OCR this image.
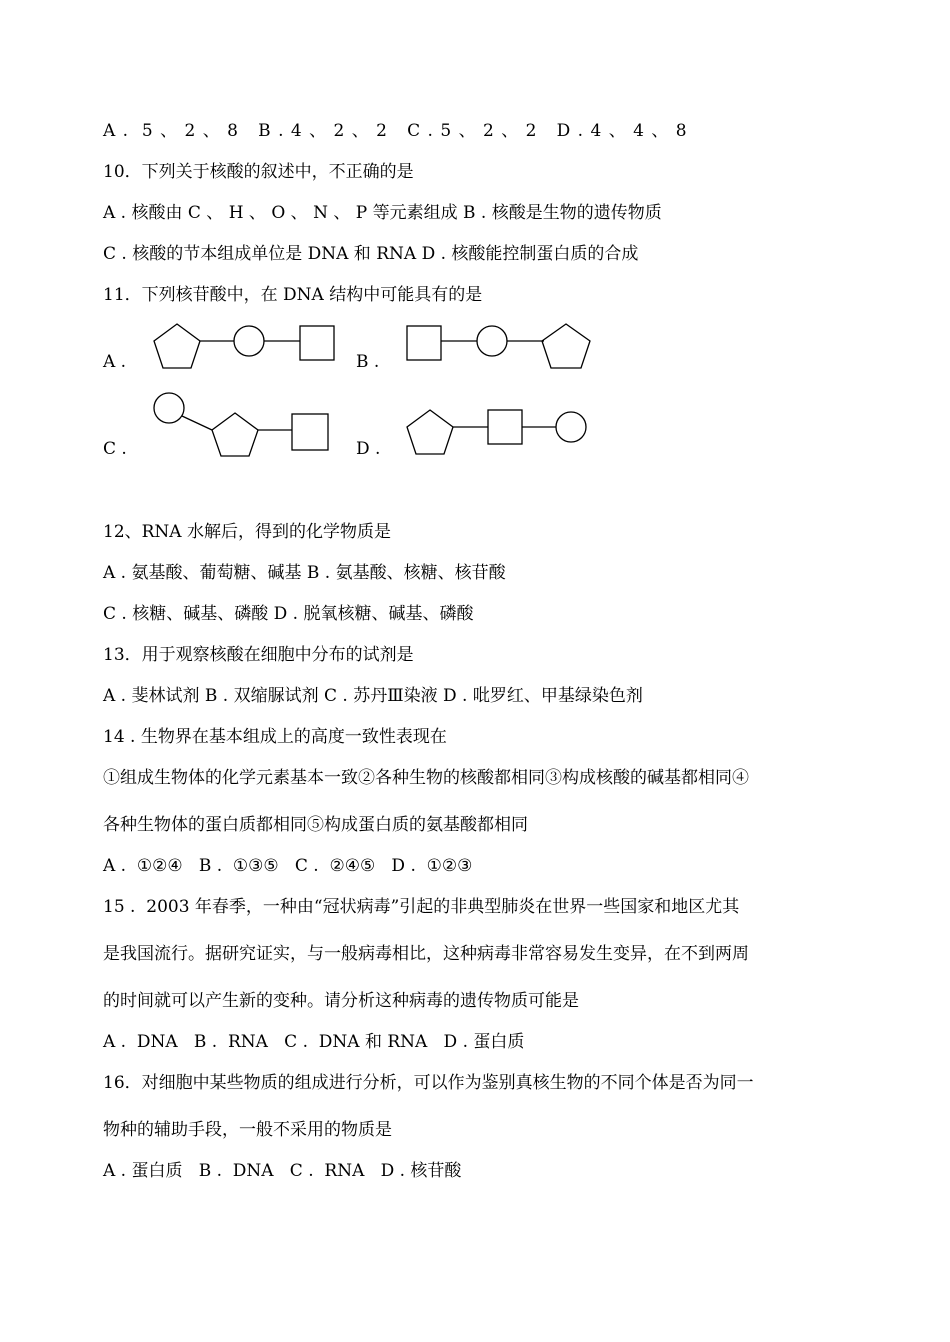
A .  5 、 2 、 8   B . 4 、 2 、 2   C . 5 、 2 、 2   D . 4 、 4 、 8
10．下列关于核酸的叙述中，不正确的是
A . 核酸由 C 、 H 、 O 、 N 、 P 等元素组成 B . 核酸是生物的遗传物质
C . 核酸的节本组成单位是 DNA 和 RNA D . 核酸能控制蛋白质的合成
11．下列核苷酸中，在 DNA 结构中可能具有的是
A .	B .
C .	D .
12、RNA 水解后，得到的化学物质是
A . 氨基酸、葡萄糖、碱基 B . 氨基酸、核糖、核苷酸
C . 核糖、碱基、磷酸 D . 脱氧核糖、碱基、磷酸
13．用于观察核酸在细胞中分布的试剂是
A . 斐林试剂 B . 双缩脲试剂 C . 苏丹Ⅲ染液 D . 吡罗红、甲基绿染色剂
14 . 生物界在基本组成上的高度一致性表现在
①组成生物体的化学元素基本一致②各种生物的核酸都相同③构成核酸的碱基都相同④
各种生物体的蛋白质都相同⑤构成蛋白质的氨基酸都相同
A .  ①②④   B .  ①③⑤   C .  ②④⑤   D .  ①②③
15 .  2003 年春季，一种由“冠状病毒”引起的非典型肺炎在世界一些国家和地区尤其
是我国流行。据研究证实，与一般病毒相比，这种病毒非常容易发生变异，在不到两周
的时间就可以产生新的变种。请分析这种病毒的遗传物质可能是
A .  DNA   B .  RNA   C .  DNA 和 RNA   D . 蛋白质
16．对细胞中某些物质的组成进行分析，可以作为鉴别真核生物的不同个体是否为同一
物种的辅助手段，一般不采用的物质是
A . 蛋白质   B .  DNA   C .  RNA   D . 核苷酸
